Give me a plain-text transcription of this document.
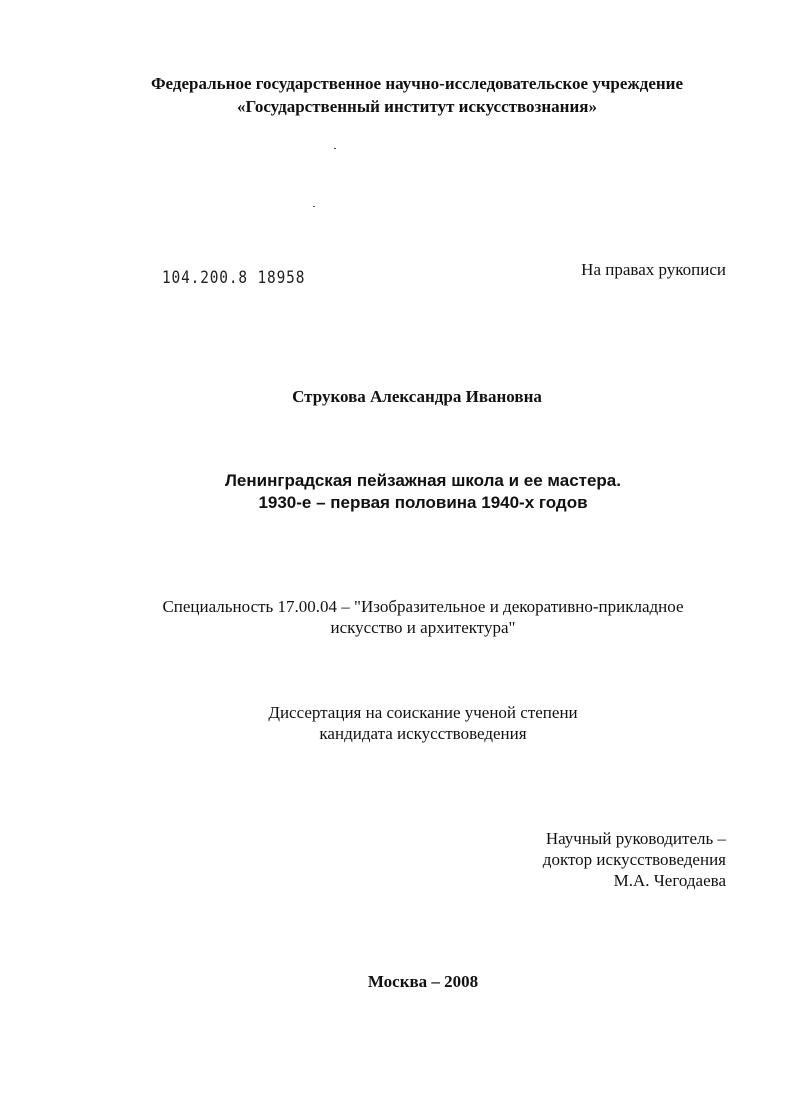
Федеральное государственное научно-исследовательское учреждение
«Государственный институт искусствознания»
104.200.8 18958	На правах рукописи
Струкова Александра Ивановна
Ленинградская пейзажная школа и ее мастера.
1930-е – первая половина 1940-х годов
Специальность 17.00.04 – "Изобразительное и декоративно-прикладное
искусство и архитектура"
Диссертация на соискание ученой степени
кандидата искусствоведения
Научный руководитель –
доктор искусствоведения
М.А. Чегодаева
Москва – 2008
